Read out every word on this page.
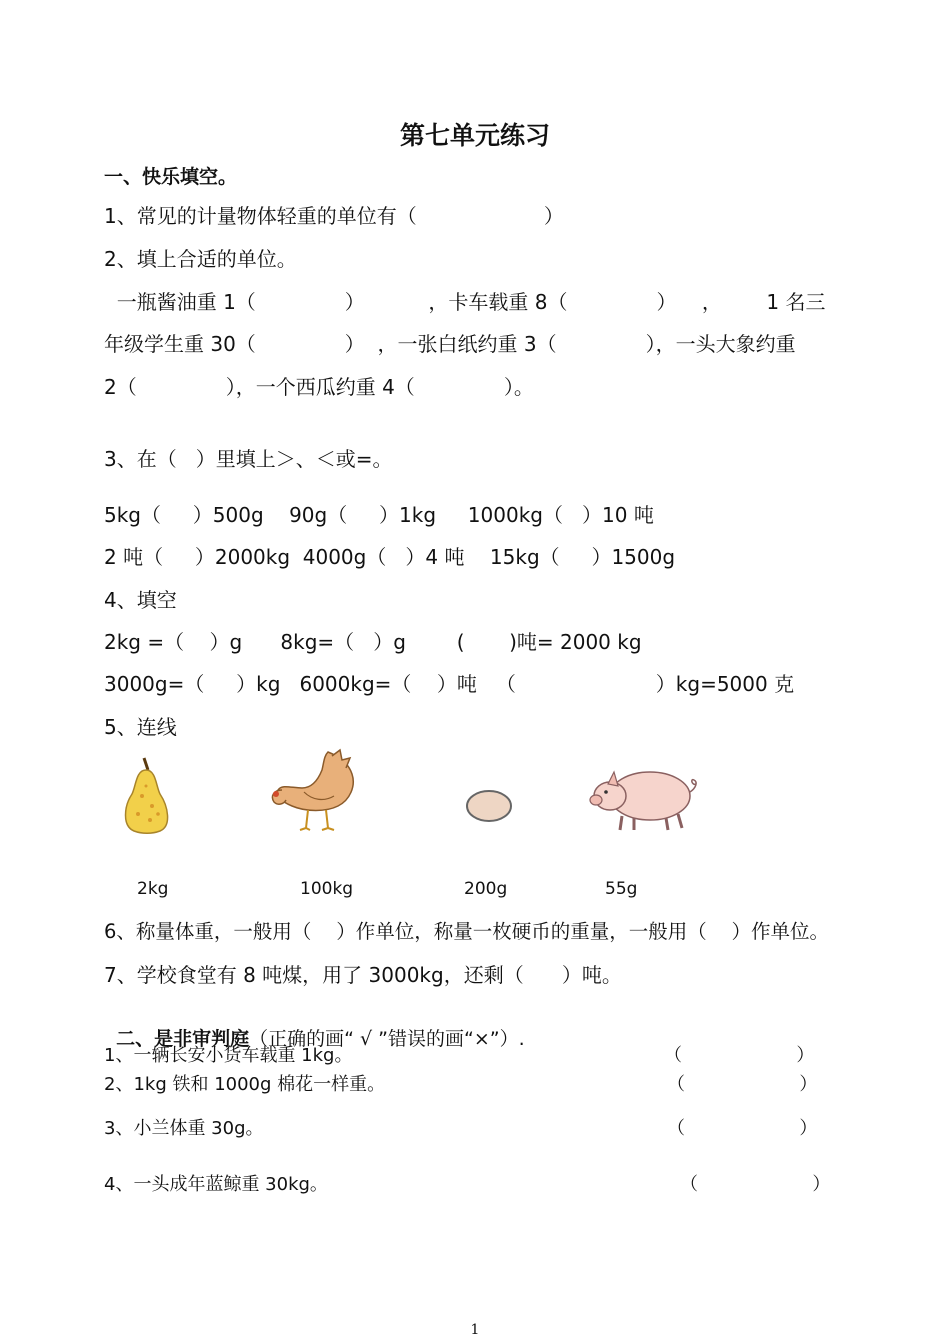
第七单元练习
一、快乐填空。
1、常见的计量物体轻重的单位有（                    ）
2、填上合适的单位。
一瓶酱油重 1（              ）          ，卡车载重 8（              ）    ，       1 名三
年级学生重 30（              ）  ，一张白纸约重 3（              ），一头大象约重
2（              ），一个西瓜约重 4（              ）。
3、在（   ）里填上＞、＜或=。
5kg（     ）500g    90g（     ）1kg     1000kg（   ）10 吨
2 吨（     ）2000kg  4000g（   ）4 吨    15kg（     ）1500g
4、填空
2kg =（    ）g      8kg=（   ）g        (       )吨= 2000 kg
3000g=（     ）kg   6000kg=（    ）吨   （                      ）kg=5000 克
5、连线
2kg	100kg	200g	55g
6、称量体重，一般用（    ）作单位，称量一枚硬币的重量，一般用（    ）作单位。
7、学校食堂有 8 吨煤，用了 3000kg，还剩（      ）吨。

二、是非审判庭（正确的画“ √ ”错误的画“×”）.

1、一辆长安小货车载重 1kg。	（                    ）
2、1kg 铁和 1000g 棉花一样重。	（                    ）
3、小兰体重 30g。	（                    ）
4、一头成年蓝鲸重 30kg。	（                    ）
1
